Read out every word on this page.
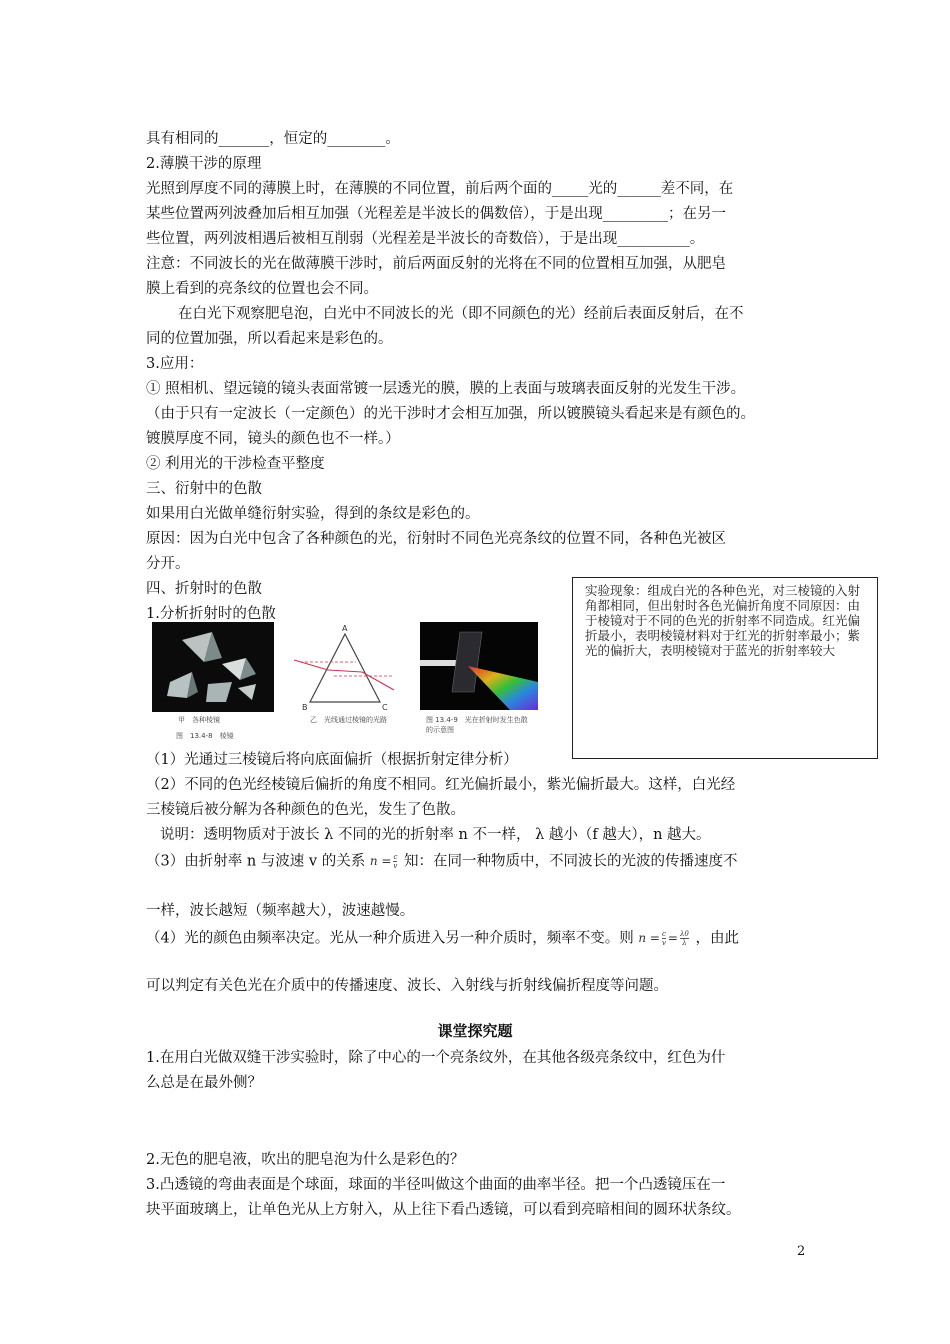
具有相同的_______，恒定的________。
2.薄膜干涉的原理
光照到厚度不同的薄膜上时，在薄膜的不同位置，前后两个面的_____光的______差不同，在
某些位置两列波叠加后相互加强（光程差是半波长的偶数倍），于是出现_________；在另一
些位置，两列波相遇后被相互削弱（光程差是半波长的奇数倍），于是出现__________。
注意：不同波长的光在做薄膜干涉时，前后两面反射的光将在不同的位置相互加强，从肥皂
膜上看到的亮条纹的位置也会不同。
在白光下观察肥皂泡，白光中不同波长的光（即不同颜色的光）经前后表面反射后，在不
同的位置加强，所以看起来是彩色的。
3.应用：
① 照相机、望远镜的镜头表面常镀一层透光的膜，膜的上表面与玻璃表面反射的光发生干涉。
（由于只有一定波长（一定颜色）的光干涉时才会相互加强，所以镀膜镜头看起来是有颜色的。
镀膜厚度不同，镜头的颜色也不一样。）
② 利用光的干涉检查平整度
三、衍射中的色散
如果用白光做单缝衍射实验，得到的条纹是彩色的。
原因：因为白光中包含了各种颜色的光，衍射时不同色光亮条纹的位置不同，各种色光被区
分开。
四、折射时的色散
1.分析折射时的色散
实验现象：组成白光的各种色光，对三棱镜的入射角都相同，但出射时各色光偏折角度不同原因：由于棱镜对于不同的色光的折射率不同造成。红光偏折最小，表明棱镜材料对于红光的折射率最小；紫光的偏折大，表明棱镜对于蓝光的折射率较大
甲　各种棱镜
图　13.4-8　棱镜
A
B	C
乙　光线通过棱镜的光路	图 13.4-9　光在折射时发生色散
的示意图
（1）光通过三棱镜后将向底面偏折（根据折射定律分析）
（2）不同的色光经棱镜后偏折的角度不相同。红光偏折最小，紫光偏折最大。这样，白光经
三棱镜后被分解为各种颜色的色光，发生了色散。
说明：透明物质对于波长 λ 不同的光的折射率 n 不一样， λ 越小（f 越大），n 越大。
（3）由折射率 n 与波速 v 的关系 $n = \frac{c}{v}$ 知：在同一种物质中，不同波长的光波的传播速度不
一样，波长越短（频率越大），波速越慢。
（4）光的颜色由频率决定。光从一种介质进入另一种介质时，频率不变。则 $n = \frac{c}{v} = \frac{\lambda 0}{\lambda}$ ，由此
可以判定有关色光在介质中的传播速度、波长、入射线与折射线偏折程度等问题。
课堂探究题
1.在用白光做双缝干涉实验时，除了中心的一个亮条纹外，在其他各级亮条纹中，红色为什
么总是在最外侧？
2.无色的肥皂液，吹出的肥皂泡为什么是彩色的？
3.凸透镜的弯曲表面是个球面，球面的半径叫做这个曲面的曲率半径。把一个凸透镜压在一
块平面玻璃上，让单色光从上方射入，从上往下看凸透镜，可以看到亮暗相间的圆环状条纹。
2
